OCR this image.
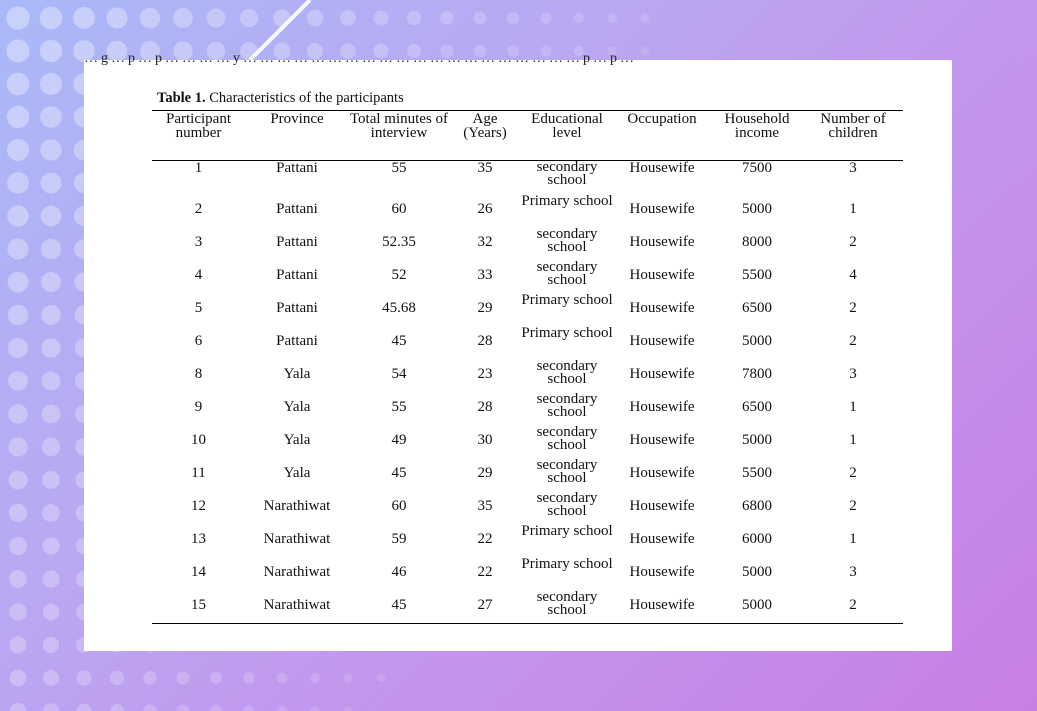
…g…p…p…………y……………………………………………………p…p…
Table 1. Characteristics of the participants
Participant number	Province	Total minutes of interview	Age (Years)	Educational level	Occupation	Household income	Number of children

1	Pattani	55	35	secondary school	Housewife	7500	3

2	Pattani	60	26	Primary school	Housewife	5000	1

3	Pattani	52.35	32	secondary school	Housewife	8000	2

4	Pattani	52	33	secondary school	Housewife	5500	4

5	Pattani	45.68	29	Primary school	Housewife	6500	2

6	Pattani	45	28	Primary school	Housewife	5000	2

8	Yala	54	23	secondary school	Housewife	7800	3

9	Yala	55	28	secondary school	Housewife	6500	1

10	Yala	49	30	secondary school	Housewife	5000	1

11	Yala	45	29	secondary school	Housewife	5500	2

12	Narathiwat	60	35	secondary school	Housewife	6800	2

13	Narathiwat	59	22	Primary school	Housewife	6000	1

14	Narathiwat	46	22	Primary school	Housewife	5000	3

15	Narathiwat	45	27	secondary school	Housewife	5000	2
